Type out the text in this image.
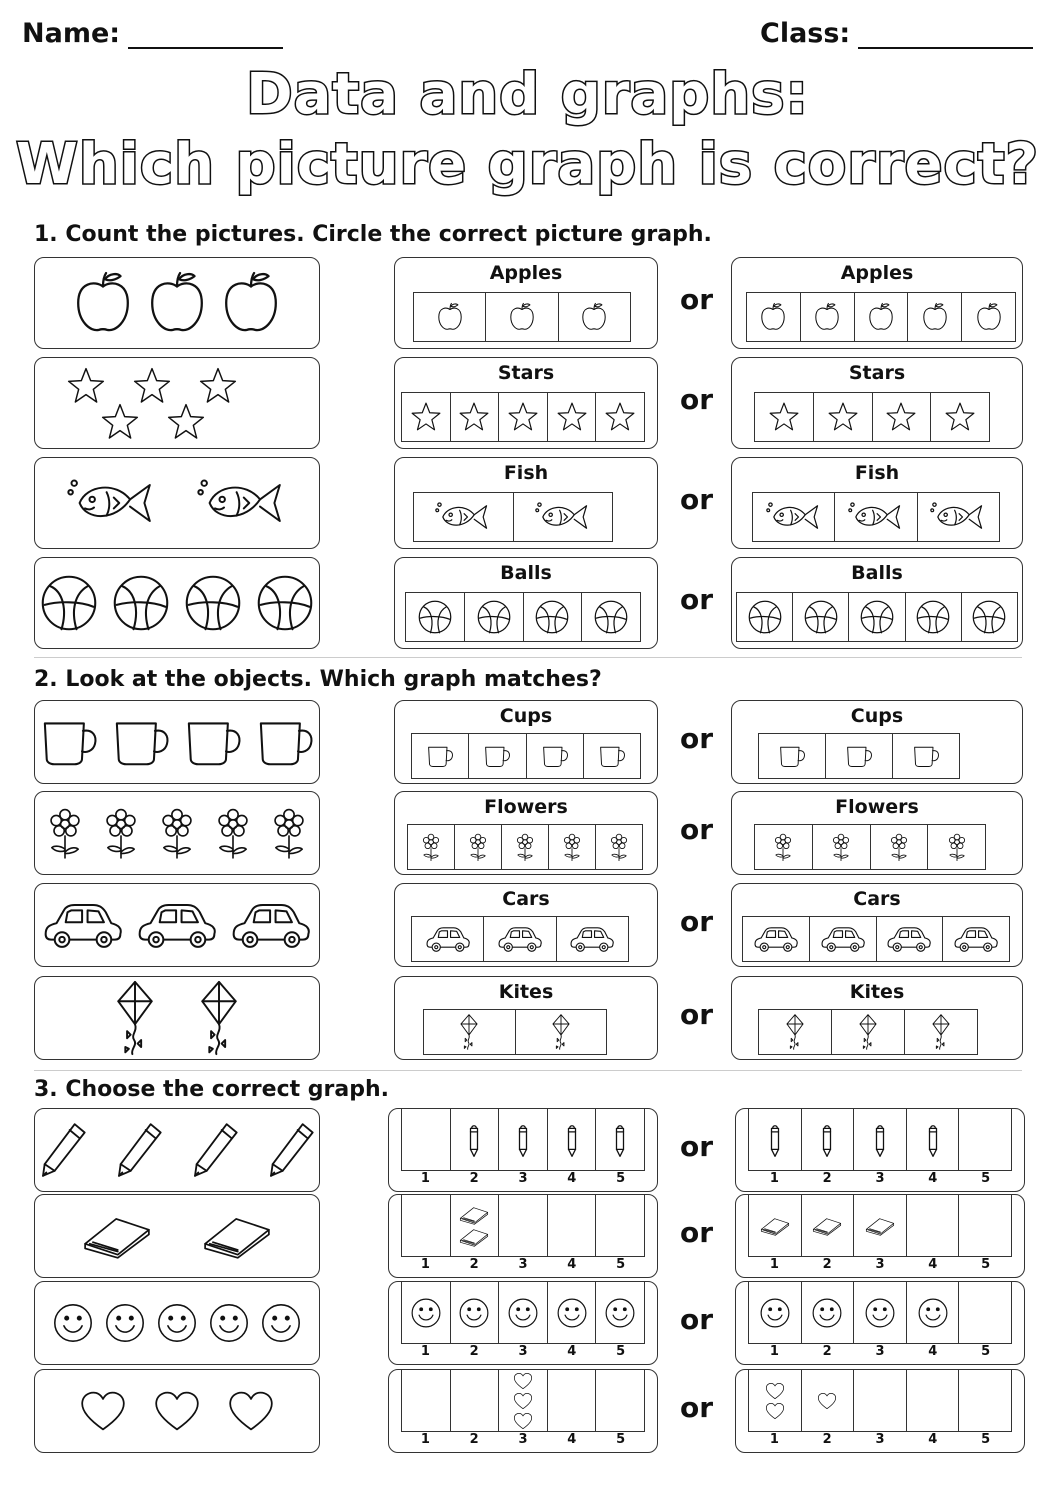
Name:	Class:
Data and graphs:
Which picture graph is correct?
1. Count the pictures. Circle the correct picture graph.
2. Look at the objects. Which graph matches?
3. Choose the correct graph.
Apples	Apples
or
Stars	Stars
or
Fish	Fish
or
Balls	Balls
or
Cups	Cups
or
Flowers	Flowers
or
Cars	Cars
or
Kites	Kites
or
1	2	3	4	5	1	2	3	4	5
or
1	2	3	4	5	1	2	3	4	5
or
1	2	3	4	5	1	2	3	4	5
or
1	2	3	4	5	1	2	3	4	5
or
